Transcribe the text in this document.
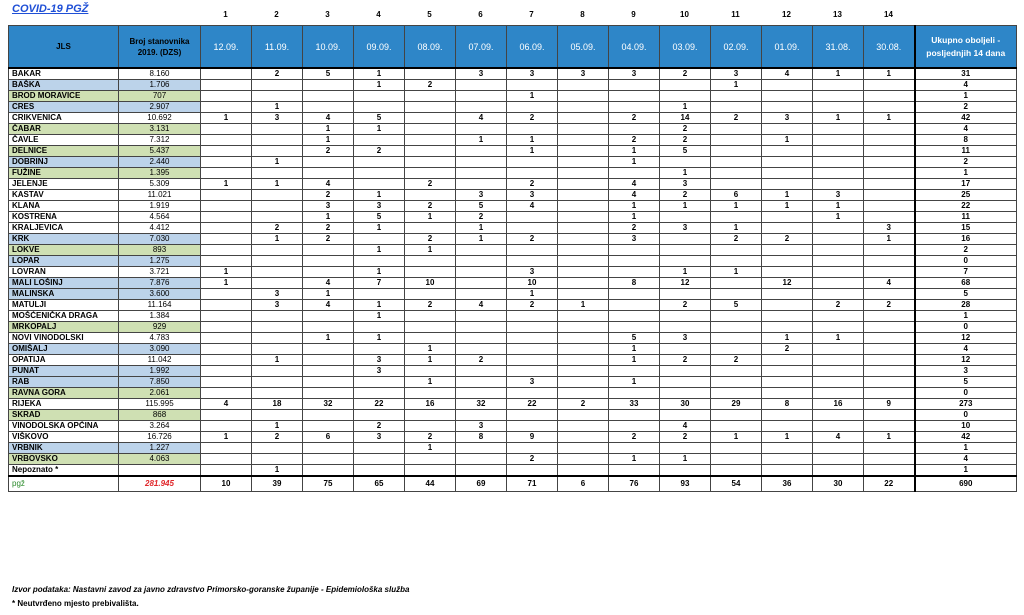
COVID-19 PGŽ	1	2	3	4	5	6	7	8	9	10	11	12	13	14
JLS	Broj stanovnika 2019. (DZS)	12.09.	11.09.	10.09.	09.09.	08.09.	07.09.	06.09.	05.09.	04.09.	03.09.	02.09.	01.09.	31.08.	30.08.	Ukupno oboljeli - posljednjih 14 dana
BAKAR	8.160		2	5	1		3	3	3	3	2	3	4	1	1	31
BAŠKA	1.706				1	2						1				4
BROD MORAVICE	707							1								1
CRES	2.907		1								1					2
CRIKVENICA	10.692	1	3	4	5		4	2		2	14	2	3	1	1	42
ČABAR	3.131			1	1						2					4
ČAVLE	7.312			1			1	1		2	2		1			8
DELNICE	5.437			2	2			1		1	5					11
DOBRINJ	2.440		1							1						2
FUŽINE	1.395										1					1
JELENJE	5.309	1	1	4		2		2		4	3					17
KASTAV	11.021			2	1		3	3		4	2	6	1	3		25
KLANA	1.919			3	3	2	5	4		1	1	1	1	1		22
KOSTRENA	4.564			1	5	1	2			1				1		11
KRALJEVICA	4.412		2	2	1		1			2	3	1			3	15
KRK	7.030		1	2		2	1	2		3		2	2		1	16
LOKVE	893				1	1										2
LOPAR	1.275															0
LOVRAN	3.721	1			1			3			1	1				7
MALI LOŠINJ	7.876	1		4	7	10		10		8	12		12		4	68
MALINSKA	3.600		3	1				1								5
MATULJI	11.164		3	4	1	2	4	2	1		2	5		2	2	28
MOŠĆENIČKA DRAGA	1.384				1											1
MRKOPALJ	929															0
NOVI VINODOLSKI	4.783			1	1					5	3		1	1		12
OMIŠALJ	3.090					1				1			2			4
OPATIJA	11.042		1		3	1	2			1	2	2				12
PUNAT	1.992				3											3
RAB	7.850					1		3		1						5
RAVNA GORA	2.061															0
RIJEKA	115.995	4	18	32	22	16	32	22	2	33	30	29	8	16	9	273
SKRAD	868															0
VINODOLSKA OPĆINA	3.264		1		2		3				4					10
VIŠKOVO	16.726	1	2	6	3	2	8	9		2	2	1	1	4	1	42
VRBNIK	1.227					1										1
VRBOVSKO	4.063							2		1	1					4
Nepoznato *			1													1
pgž	281.945	10	39	75	65	44	69	71	6	76	93	54	36	30	22	690
Izvor podataka: Nastavni zavod za javno zdravstvo Primorsko-goranske županije - Epidemiološka služba
* Neutvrđeno mjesto prebivališta.
